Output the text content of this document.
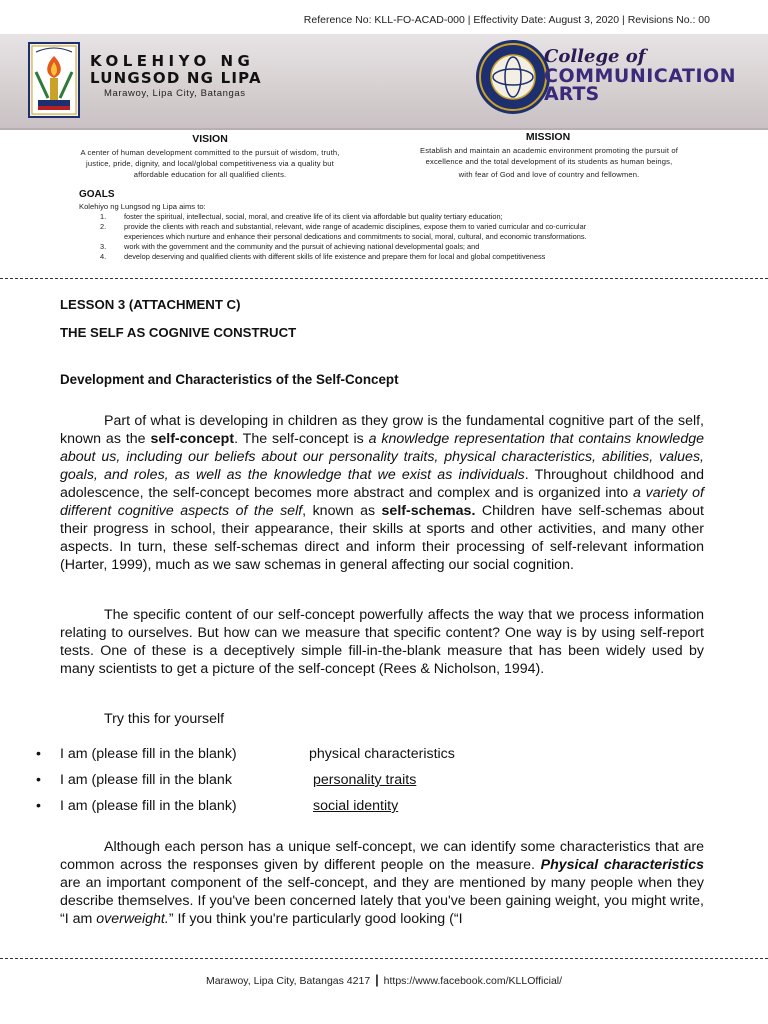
Reference No: KLL-FO-ACAD-000 | Effectivity Date: August 3, 2020 | Revisions No.: 00
KOLEHIYO NG
LUNGSOD NG LIPA
Marawoy, Lipa City, Batangas
College of
COMMUNICATION
ARTS
VISION
A center of human development committed to the pursuit of wisdom, truth,
justice, pride, dignity, and local/global competitiveness via a quality but
affordable education for all qualified clients.
MISSION
Establish and maintain an academic environment promoting the pursuit of
excellence and the total development of its students as human beings,
with fear of God and love of country and fellowmen.
GOALS
Kolehiyo ng Lungsod ng Lipa aims to:
1.	foster the spiritual, intellectual, social, moral, and creative life of its client via affordable but quality tertiary education;
2.	provide the clients with reach and substantial, relevant, wide range of academic disciplines, expose them to varied curricular and co-curricular
experiences which nurture and enhance their personal dedications and commitments to social, moral, cultural, and economic transformations.
3.	work with the government and the community and the pursuit of achieving national developmental goals; and
4.	develop deserving and qualified clients with different skills of life existence and prepare them for local and global competitiveness
LESSON 3 (ATTACHMENT C)
THE SELF AS COGNIVE CONSTRUCT
Development and Characteristics of the Self-Concept
Part of what is developing in children as they grow is the fundamental cognitive part of the self, known as the self-concept. The self-concept is a knowledge representation that contains knowledge about us, including our beliefs about our personality traits, physical characteristics, abilities, values, goals, and roles, as well as the knowledge that we exist as individuals. Throughout childhood and adolescence, the self-concept becomes more abstract and complex and is organized into a variety of different cognitive aspects of the self, known as self-schemas. Children have self-schemas about their progress in school, their appearance, their skills at sports and other activities, and many other aspects. In turn, these self-schemas direct and inform their processing of self-relevant information (Harter, 1999), much as we saw schemas in general affecting our social cognition.
The specific content of our self-concept powerfully affects the way that we process information relating to ourselves. But how can we measure that specific content? One way is by using self-report tests. One of these is a deceptively simple fill-in-the-blank measure that has been widely used by many scientists to get a picture of the self-concept (Rees & Nicholson, 1994).
Try this for yourself
•	I am (please fill in the blank)	physical characteristics
•	I am (please fill in the blank	personality traits
•	I am (please fill in the blank)	social identity
Although each person has a unique self-concept, we can identify some characteristics that are common across the responses given by different people on the measure. Physical characteristics are an important component of the self-concept, and they are mentioned by many people when they describe themselves. If you've been concerned lately that you've been gaining weight, you might write, “I am overweight.” If you think you're particularly good looking (“I
Marawoy, Lipa City, Batangas 4217 | https://www.facebook.com/KLLOfficial/
